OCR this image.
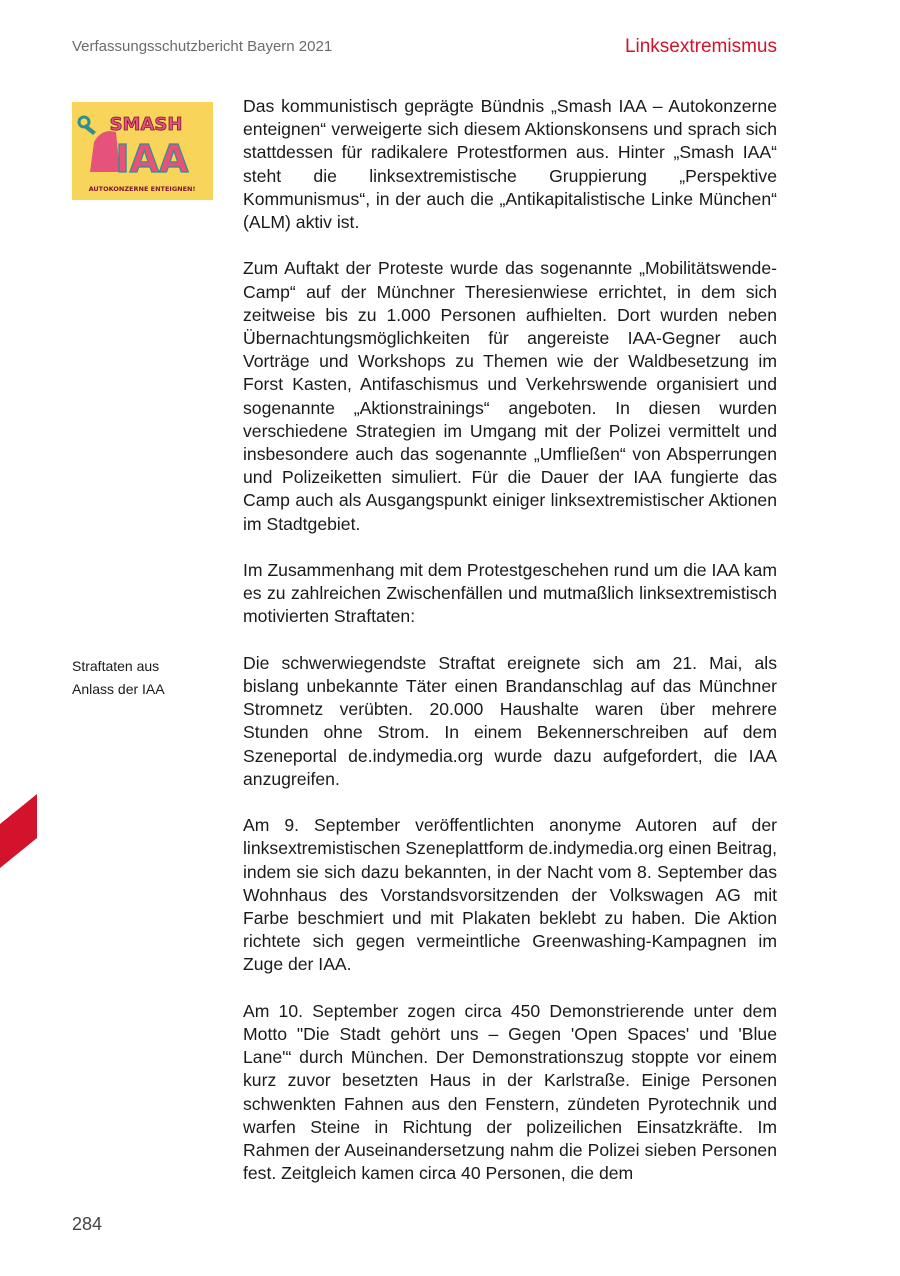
Verfassungsschutzbericht Bayern 2021	Linksextremismus
SMASH
IAA
AUTOKONZERNE ENTEIGNEN!
Straftaten aus
Anlass der IAA

Das kommunistisch geprägte Bündnis „Smash IAA – Autokonzerne enteignen“ verweigerte sich diesem Aktionskonsens und sprach sich stattdessen für radikalere Protestformen aus. Hinter „Smash IAA“ steht die linksextremistische Gruppierung „Perspektive Kommunismus“, in der auch die „Antikapitalistische Linke München“ (ALM) aktiv ist.

Zum Auftakt der Proteste wurde das sogenannte „Mobilitätswende-Camp“ auf der Münchner Theresienwiese errichtet, in dem sich zeitweise bis zu 1.000 Personen aufhielten. Dort wurden neben Übernachtungsmöglichkeiten für angereiste IAA-Gegner auch Vorträge und Workshops zu Themen wie der Waldbesetzung im Forst Kasten, Antifaschismus und Verkehrswende organisiert und sogenannte „Aktionstrainings“ angeboten. In diesen wurden verschiedene Strategien im Umgang mit der Polizei vermittelt und insbesondere auch das sogenannte „Umfließen“ von Absperrungen und Polizeiketten simuliert. Für die Dauer der IAA fungierte das Camp auch als Ausgangspunkt einiger linksextremistischer Aktionen im Stadtgebiet.

Im Zusammenhang mit dem Protestgeschehen rund um die IAA kam es zu zahlreichen Zwischenfällen und mutmaßlich linksextremistisch motivierten Straftaten:

Die schwerwiegendste Straftat ereignete sich am 21. Mai, als bislang unbekannte Täter einen Brandanschlag auf das Münchner Stromnetz verübten. 20.000 Haushalte waren über mehrere Stunden ohne Strom. In einem Bekennerschreiben auf dem Szeneportal de.indymedia.org wurde dazu aufgefordert, die IAA anzugreifen.

Am 9. September veröffentlichten anonyme Autoren auf der linksextremistischen Szeneplattform de.indymedia.org einen Beitrag, indem sie sich dazu bekannten, in der Nacht vom 8. September das Wohnhaus des Vorstandsvorsitzenden der Volkswagen AG mit Farbe beschmiert und mit Plakaten beklebt zu haben. Die Aktion richtete sich gegen vermeintliche Greenwashing-Kampagnen im Zuge der IAA.

Am 10. September zogen circa 450 Demonstrierende unter dem Motto "Die Stadt gehört uns – Gegen 'Open Spaces' und 'Blue Lane'“ durch München. Der Demonstrationszug stoppte vor einem kurz zuvor besetzten Haus in der Karlstraße. Einige Personen schwenkten Fahnen aus den Fenstern, zündeten Pyrotechnik und warfen Steine in Richtung der polizeilichen Einsatzkräfte. Im Rahmen der Auseinandersetzung nahm die Polizei sieben Personen fest. Zeitgleich kamen circa 40 Personen, die dem

284
